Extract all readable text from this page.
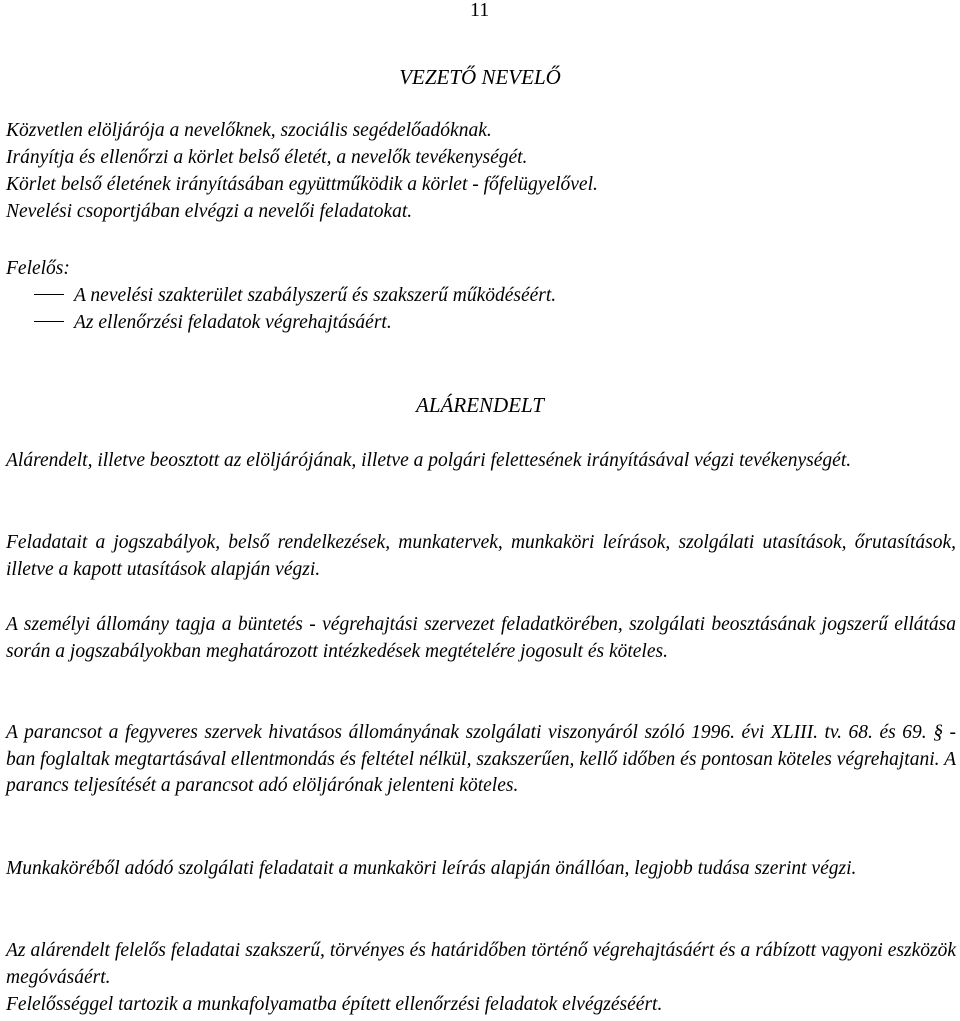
11
VEZETŐ NEVELŐ
Közvetlen elöljárója a nevelőknek, szociális segédelőadóknak.
Irányítja és ellenőrzi a körlet belső életét, a nevelők tevékenységét.
Körlet belső életének irányításában együttműködik a körlet - főfelügyelővel.
Nevelési csoportjában elvégzi a nevelői feladatokat.
Felelős:
A nevelési szakterület szabályszerű és szakszerű működéséért.
Az ellenőrzési feladatok végrehajtásáért.
ALÁRENDELT
Alárendelt, illetve beosztott az elöljárójának, illetve a polgári felettesének irányításával végzi tevékenységét.
Feladatait a jogszabályok, belső rendelkezések, munkatervek, munkaköri leírások, szolgálati utasítások, őrutasítások, illetve a kapott utasítások alapján végzi.
A személyi állomány tagja a büntetés - végrehajtási szervezet feladatkörében, szolgálati beosztásának jogszerű ellátása során a jogszabályokban meghatározott intézkedések megtételére jogosult és köteles.
A parancsot a fegyveres szervek hivatásos állományának szolgálati viszonyáról szóló 1996. évi XLIII. tv. 68. és 69. § - ban foglaltak megtartásával ellentmondás és feltétel nélkül, szakszerűen, kellő időben és pontosan köteles végrehajtani. A parancs teljesítését a parancsot adó elöljárónak jelenteni köteles.
Munkaköréből adódó szolgálati feladatait a munkaköri leírás alapján önállóan, legjobb tudása szerint végzi.
Az alárendelt felelős feladatai szakszerű, törvényes és határidőben történő végrehajtásáért és a rábízott vagyoni eszközök megóvásáért.
Felelősséggel tartozik a munkafolyamatba épített ellenőrzési feladatok elvégzéséért.
